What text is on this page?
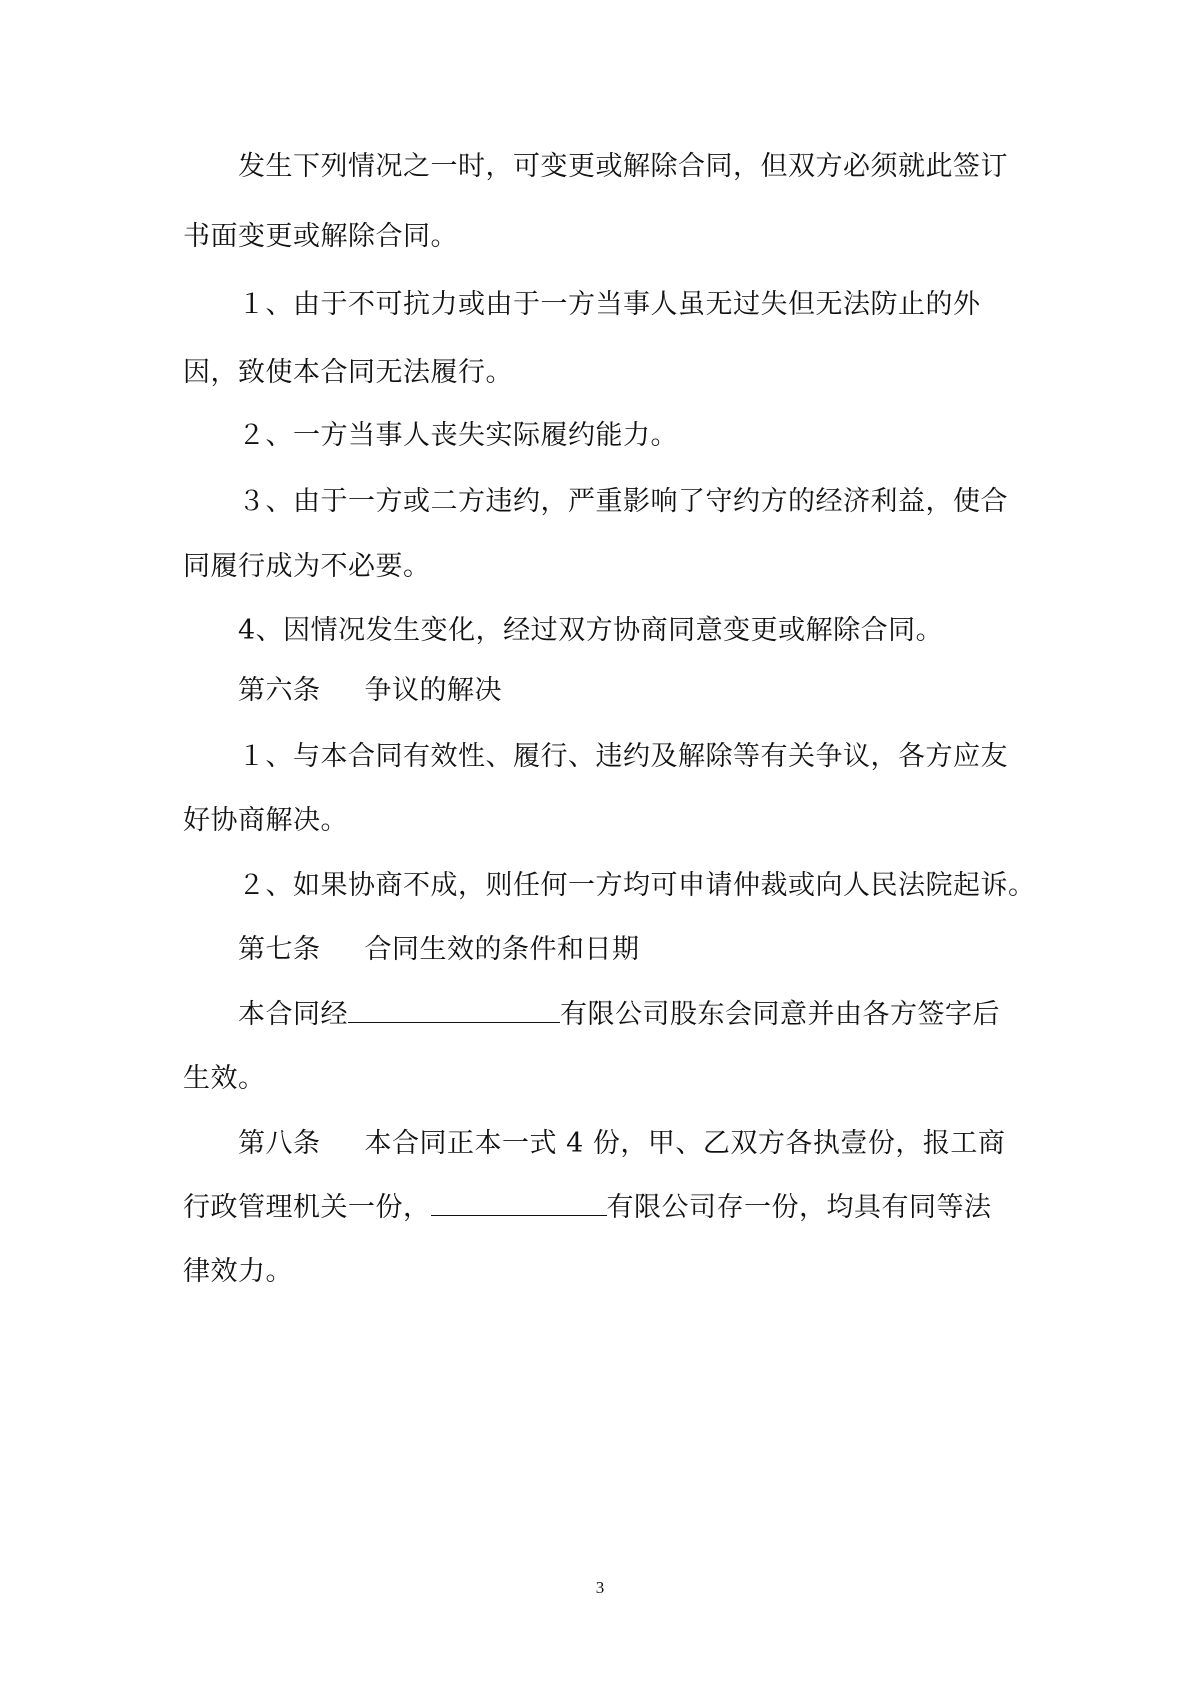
发生下列情况之一时，可变更或解除合同，但双方必须就此签订
书面变更或解除合同。
１、由于不可抗力或由于一方当事人虽无过失但无法防止的外
因，致使本合同无法履行。
２、一方当事人丧失实际履约能力。
３、由于一方或二方违约，严重影响了守约方的经济利益，使合
同履行成为不必要。
4、因情况发生变化，经过双方协商同意变更或解除合同。
第六条 争议的解决
１、与本合同有效性、履行、违约及解除等有关争议，各方应友
好协商解决。
２、如果协商不成，则任何一方均可申请仲裁或向人民法院起诉。
第七条 合同生效的条件和日期
本合同经	有限公司股东会同意并由各方签字后
生效。
第八条 本合同正本一式 4 份，甲、乙双方各执壹份，报工商
行政管理机关一份，	有限公司存一份，均具有同等法
律效力。
3
